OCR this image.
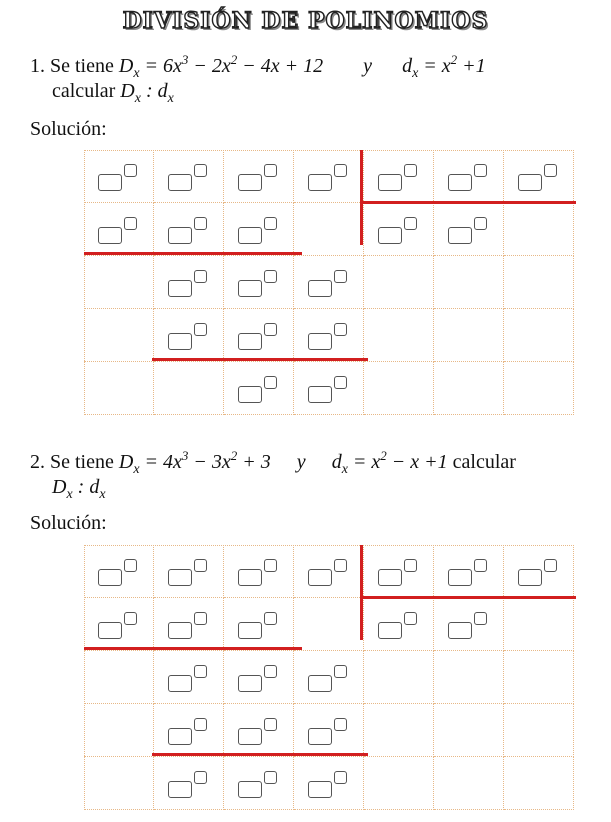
DIVISIÓN DE POLINOMIOS
1. Se tiene $D_x = 6x^3 - 2x^2 - 4x + 12$ y $d_x = x^2 +1$
calcular $D_x$ : $d_x$
Solución:
2. Se tiene $D_x = 4x^3 - 3x^2 + 3$ y $d_x = x^2 - x +1$ calcular
$D_x$ : $d_x$
Solución:
